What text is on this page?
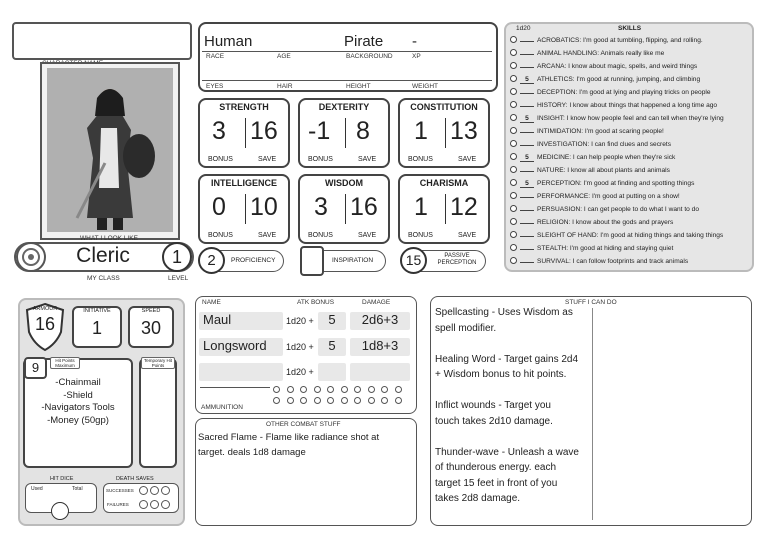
WHAT I LOOK LIKE
Cleric	1
MY CLASS	LEVEL
Human	Pirate -
RACE	AGE	BACKGROUND	XP
EYES	HAIR	HEIGHT	WEIGHT
STRENGTH
3 16
BONUS	SAVE
DEXTERITY
-1 8
BONUS	SAVE
CONSTITUTION
1 13
BONUS	SAVE
INTELLIGENCE
0 10
BONUS	SAVE
WISDOM
3 16
BONUS	SAVE
CHARISMA
1 12
BONUS	SAVE
2	PROFICIENCY	INSPIRATION	15	PASSIVE
PERCEPTION
1d20	SKILLS
ACROBATICS: I'm good at tumbling, flipping, and rolling.
ANIMAL HANDLING: Animals really like me
ARCANA: I know about magic, spells, and weird things
5 ATHLETICS: I'm good at running, jumping, and climbing
DECEPTION: I'm good at lying and playing tricks on people
HISTORY: I know about things that happened a long time ago
5 INSIGHT: I know how people feel and can tell when they're lying
INTIMIDATION: I'm good at scaring people!
INVESTIGATION: I can find clues and secrets
5 MEDICINE: I can help people when they're sick
NATURE: I know all about plants and animals
5 PERCEPTION: I'm good at finding and spotting things
PERFORMANCE: I'm good at putting on a show!
PERSUASION: I can get people to do what I want to do
RELIGION: I know about the gods and prayers
SLEIGHT OF HAND: I'm good at hiding things and taking things
STEALTH: I'm good at hiding and staying quiet
SURVIVAL: I can follow footprints and track animals
ARMOUR
16
INITIATIVE
1
SPEED
30
9	Hit Points Maximum
Temporary Hit Points
-Chainmail
-Shield
-Navigators Tools
-Money (50gp)
HIT DICE	DEATH SAVES
Used	Total	SUCCESSES
FAILURES
NAME	ATK BONUS	DAMAGE
Maul	1d20 +	5	2d6+3
Longsword 1d20 +	5	1d8+3
1d20 +
AMMUNITION
OTHER COMBAT STUFF
Sacred Flame - Flame like radiance shot at
target. deals 1d8 damage
STUFF I CAN DO
Spellcasting - Uses Wisdom as
spell modifier.
Healing Word - Target gains 2d4
+ Wisdom bonus to hit points.
Inflict wounds - Target you
touch takes 2d10 damage.
Thunder-wave - Unleash a wave
of thunderous energy. each
target 15 feet in front of you
takes 2d8 damage.
